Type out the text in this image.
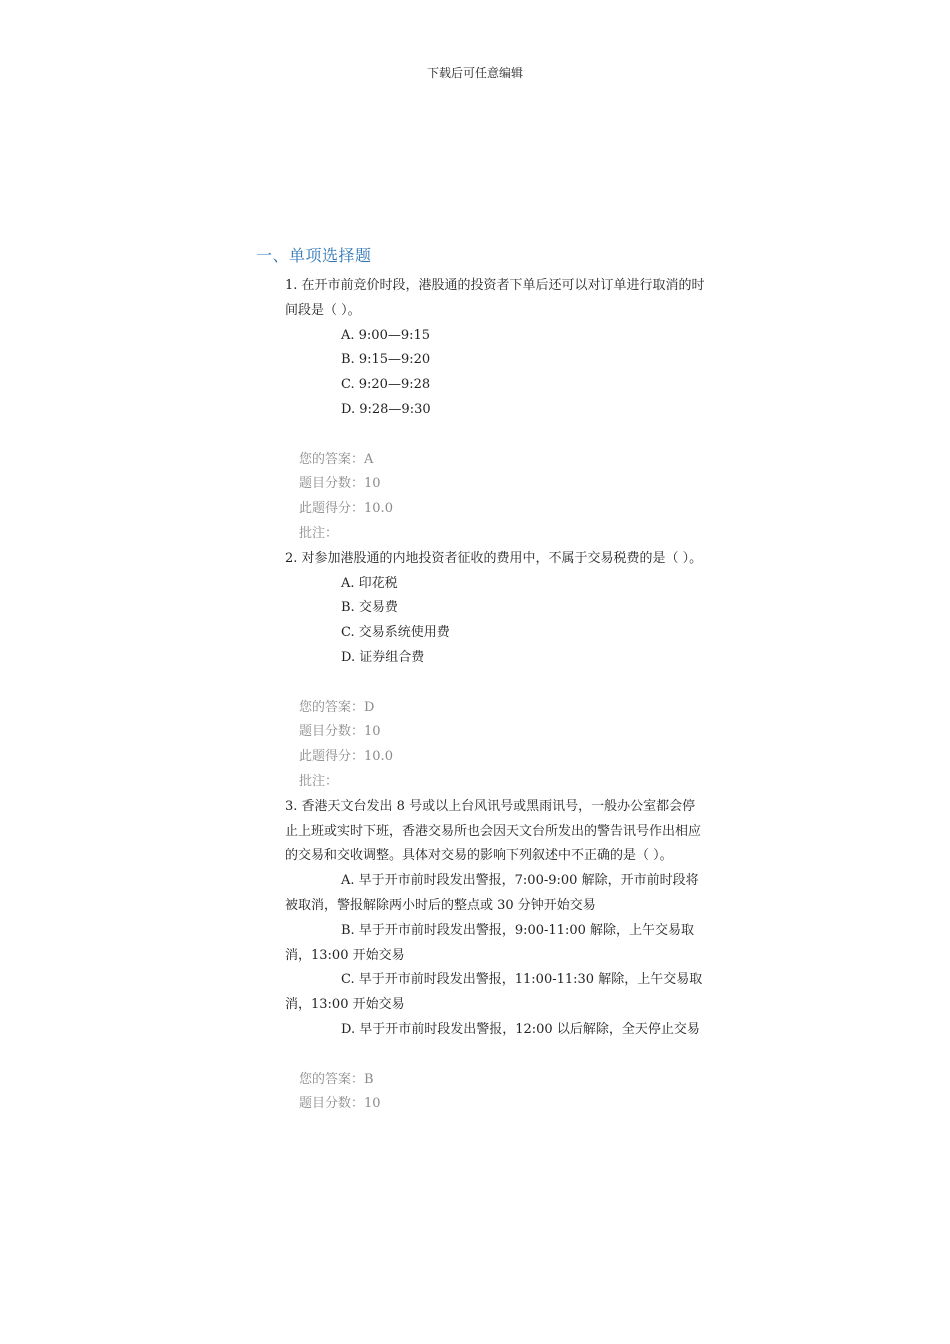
下载后可任意编辑
一、单项选择题

1. 在开市前竞价时段，港股通的投资者下单后还可以对订单进行取消的时间段是（ ）。

A. 9:00—9:15

B. 9:15—9:20

C. 9:20—9:28

D. 9:28—9:30

您的答案：A

题目分数：10

此题得分：10.0

批注：

2. 对参加港股通的内地投资者征收的费用中，不属于交易税费的是（ ）。

A. 印花税

B. 交易费

C. 交易系统使用费

D. 证券组合费

您的答案：D

题目分数：10

此题得分：10.0

批注：

3. 香港天文台发出 8 号或以上台风讯号或黑雨讯号，一般办公室都会停止上班或实时下班，香港交易所也会因天文台所发出的警告讯号作出相应的交易和交收调整。具体对交易的影响下列叙述中不正确的是（ ）。

A. 早于开市前时段发出警报，7:00-9:00 解除，开市前时段将被取消，警报解除两小时后的整点或 30 分钟开始交易

B. 早于开市前时段发出警报，9:00-11:00 解除，上午交易取消，13:00 开始交易

C. 早于开市前时段发出警报，11:00-11:30 解除，上午交易取消，13:00 开始交易

D. 早于开市前时段发出警报，12:00 以后解除，全天停止交易

您的答案：B

题目分数：10
